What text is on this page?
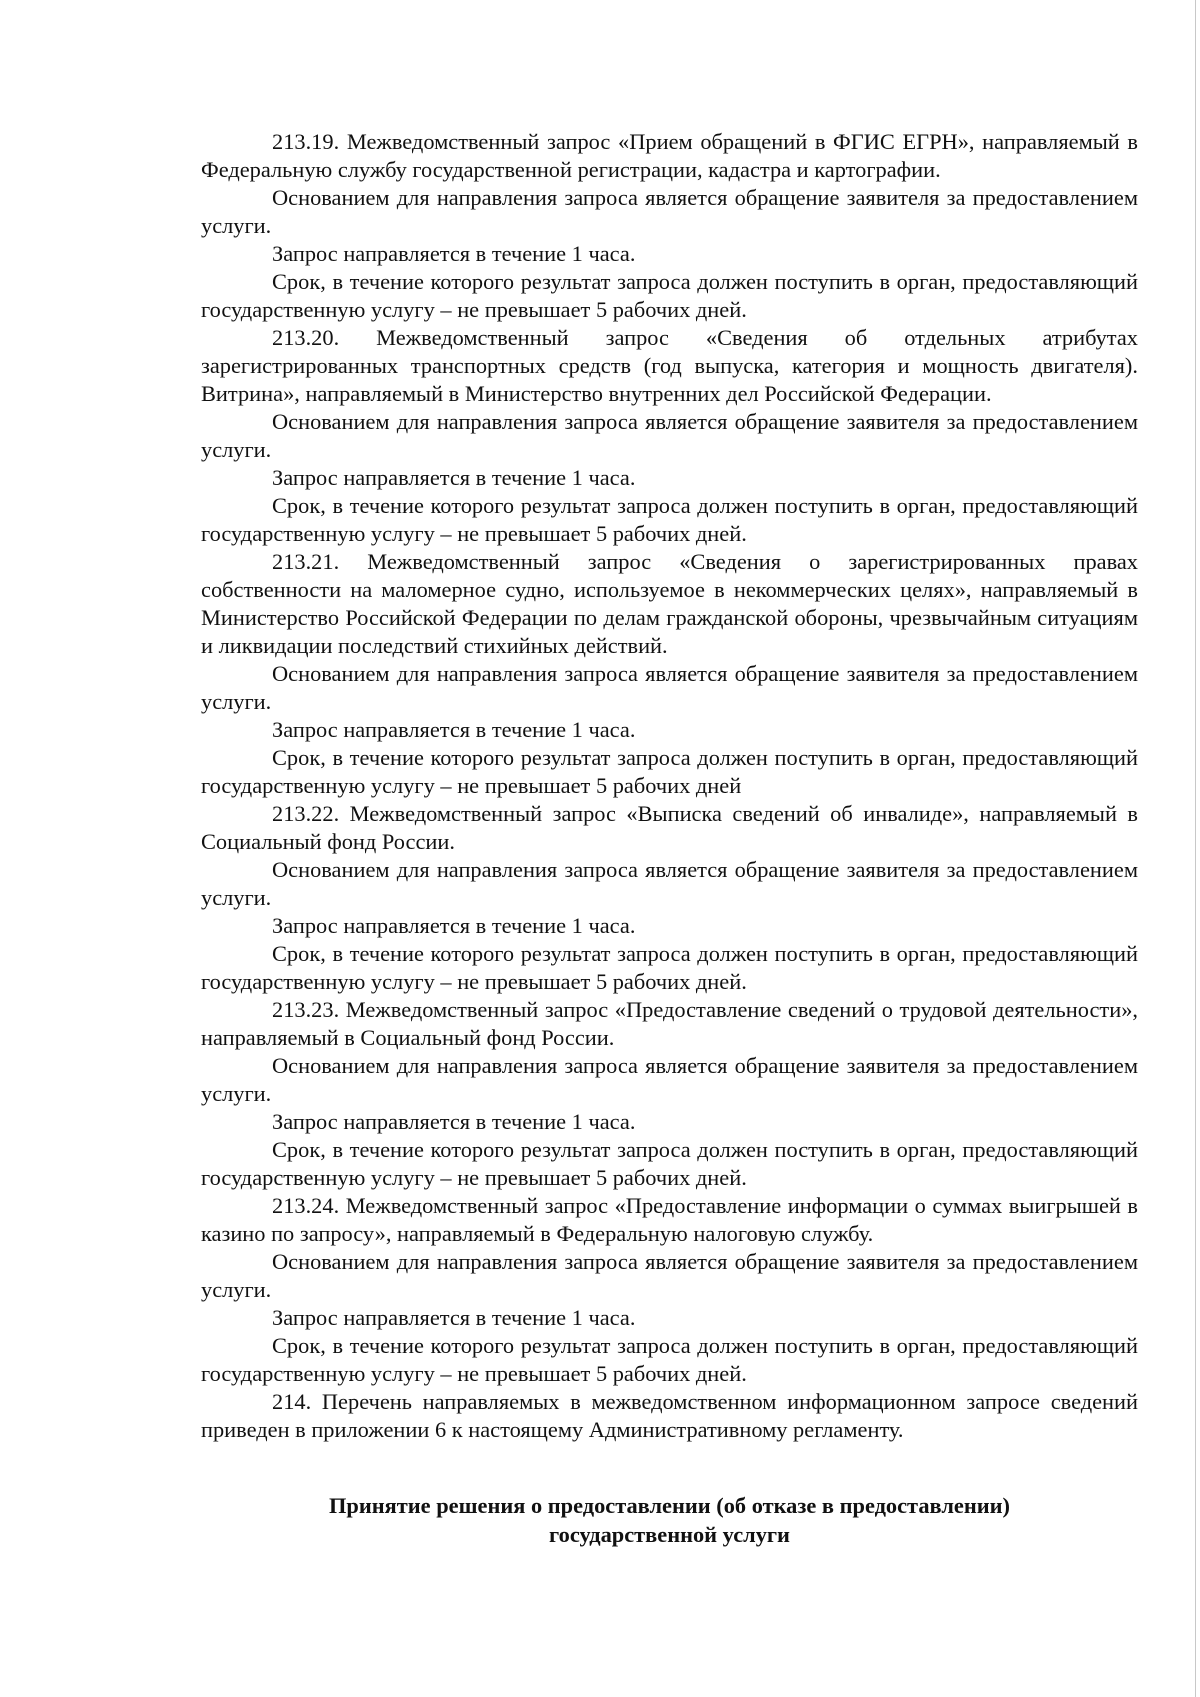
213.19. Межведомственный запрос «Прием обращений в ФГИС ЕГРН», направляемый в Федеральную службу государственной регистрации, кадастра и картографии.

Основанием для направления запроса является обращение заявителя за предоставлением услуги.

Запрос направляется в течение 1 часа.

Срок, в течение которого результат запроса должен поступить в орган, предоставляющий государственную услугу – не превышает 5 рабочих дней.

213.20. Межведомственный запрос «Сведения об отдельных атрибутах зарегистрированных транспортных средств (год выпуска, категория и мощность двигателя). Витрина», направляемый в Министерство внутренних дел Российской Федерации.

Основанием для направления запроса является обращение заявителя за предоставлением услуги.

Запрос направляется в течение 1 часа.

Срок, в течение которого результат запроса должен поступить в орган, предоставляющий государственную услугу – не превышает 5 рабочих дней.

213.21. Межведомственный запрос «Сведения о зарегистрированных правах собственности на маломерное судно, используемое в некоммерческих целях», направляемый в Министерство Российской Федерации по делам гражданской обороны, чрезвычайным ситуациям и ликвидации последствий стихийных действий.

Основанием для направления запроса является обращение заявителя за предоставлением услуги.

Запрос направляется в течение 1 часа.

Срок, в течение которого результат запроса должен поступить в орган, предоставляющий государственную услугу – не превышает 5 рабочих дней

213.22. Межведомственный запрос «Выписка сведений об инвалиде», направляемый в Социальный фонд России.

Основанием для направления запроса является обращение заявителя за предоставлением услуги.

Запрос направляется в течение 1 часа.

Срок, в течение которого результат запроса должен поступить в орган, предоставляющий государственную услугу – не превышает 5 рабочих дней.

213.23. Межведомственный запрос «Предоставление сведений о трудовой деятельности», направляемый в Социальный фонд России.

Основанием для направления запроса является обращение заявителя за предоставлением услуги.

Запрос направляется в течение 1 часа.

Срок, в течение которого результат запроса должен поступить в орган, предоставляющий государственную услугу – не превышает 5 рабочих дней.

213.24. Межведомственный запрос «Предоставление информации о суммах выигрышей в казино по запросу», направляемый в Федеральную налоговую службу.

Основанием для направления запроса является обращение заявителя за предоставлением услуги.

Запрос направляется в течение 1 часа.

Срок, в течение которого результат запроса должен поступить в орган, предоставляющий государственную услугу – не превышает 5 рабочих дней.

214. Перечень направляемых в межведомственном информационном запросе сведений приведен в приложении 6 к настоящему Административному регламенту.

Принятие решения о предоставлении (об отказе в предоставлении)
государственной услуги
